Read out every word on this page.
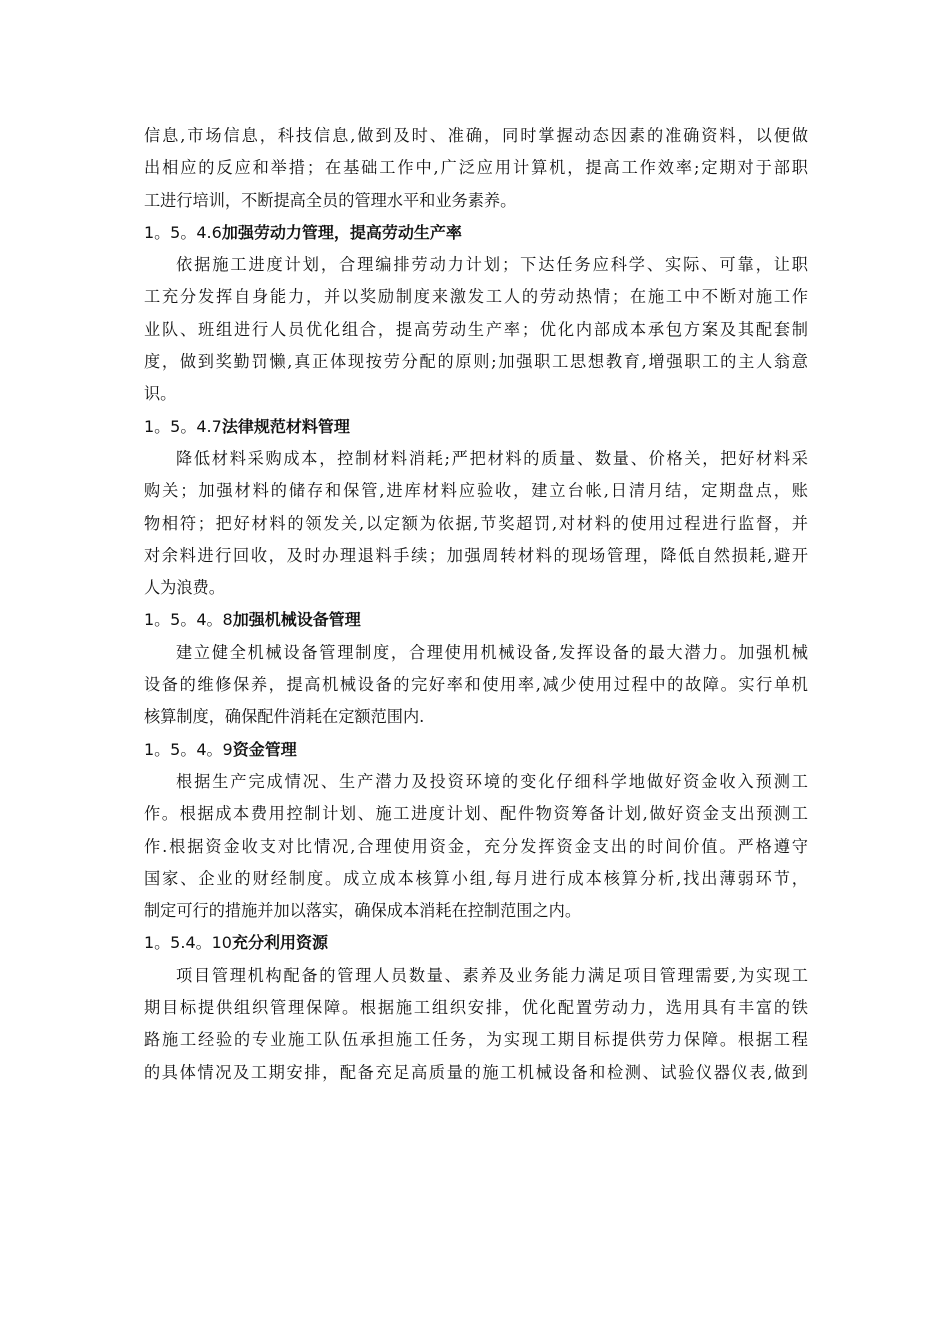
信息,市场信息，科技信息,做到及时、准确，同时掌握动态因素的准确资料，以便做
出相应的反应和举措；在基础工作中,广泛应用计算机，提高工作效率;定期对于部职
工进行培训，不断提高全员的管理水平和业务素养。
1。5。4.6加强劳动力管理，提高劳动生产率
依据施工进度计划，合理编排劳动力计划；下达任务应科学、实际、可靠，让职
工充分发挥自身能力，并以奖励制度来激发工人的劳动热情；在施工中不断对施工作
业队、班组进行人员优化组合，提高劳动生产率；优化内部成本承包方案及其配套制
度，做到奖勤罚懒,真正体现按劳分配的原则;加强职工思想教育,增强职工的主人翁意
识。
1。5。4.7法律规范材料管理
降低材料采购成本，控制材料消耗;严把材料的质量、数量、价格关，把好材料采
购关；加强材料的储存和保管,进库材料应验收，建立台帐,日清月结，定期盘点，账
物相符；把好材料的领发关,以定额为依据,节奖超罚,对材料的使用过程进行监督，并
对余料进行回收，及时办理退料手续；加强周转材料的现场管理，降低自然损耗,避开
人为浪费。
1。5。4。8加强机械设备管理
建立健全机械设备管理制度，合理使用机械设备,发挥设备的最大潜力。加强机械
设备的维修保养，提高机械设备的完好率和使用率,减少使用过程中的故障。实行单机
核算制度，确保配件消耗在定额范围内.
1。5。4。9资金管理
根据生产完成情况、生产潜力及投资环境的变化仔细科学地做好资金收入预测工
作。根据成本费用控制计划、施工进度计划、配件物资筹备计划,做好资金支出预测工
作.根据资金收支对比情况,合理使用资金，充分发挥资金支出的时间价值。严格遵守
国家、企业的财经制度。成立成本核算小组,每月进行成本核算分析,找出薄弱环节，
制定可行的措施并加以落实，确保成本消耗在控制范围之内。
1。5.4。10充分利用资源
项目管理机构配备的管理人员数量、素养及业务能力满足项目管理需要,为实现工
期目标提供组织管理保障。根据施工组织安排，优化配置劳动力，选用具有丰富的铁
路施工经验的专业施工队伍承担施工任务，为实现工期目标提供劳力保障。根据工程
的具体情况及工期安排，配备充足高质量的施工机械设备和检测、试验仪器仪表,做到
